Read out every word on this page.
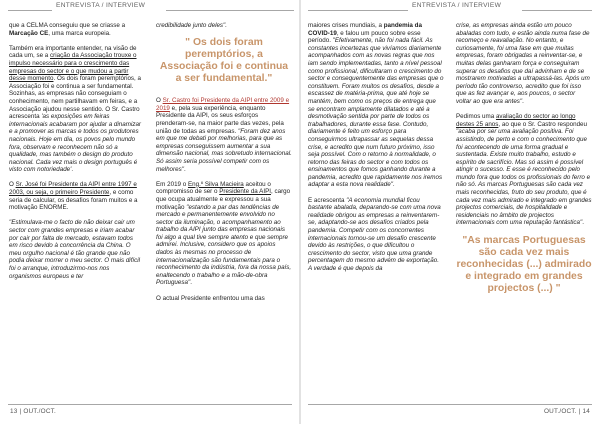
ENTREVISTA / INTERVIEW

que a CELMA conseguiu que se criasse a Marcação CE, uma marca europeia.

Também era importante entender, na visão de cada um, se a criação da Associação trouxe o impulso necessário para o crescimento das empresas do sector e o que mudou a partir desse momento. Os dois foram peremptórios, a Associação foi e continua a ser fundamental. Sozinhas, as empresas não conseguiam o conhecimento, nem partilhavam em feiras, e a Associação ajudou nesse sentido. O Sr. Castro acrescenta 'as exposições em feiras internacionais acabaram por ajudar a dinamizar e a promover as marcas e todos os produtores nacionais. Hoje em dia, os povos pelo mundo fora, observam e reconhecem não só a qualidade, mas também o design do produto nacional. Cada vez mais o design português é visto com notoriedade'.

O Sr. José foi Presidente da AIPI entre 1997 e 2003, ou seja, o primeiro Presidente, e como seria de calcular, os desafios foram muitos e a motivação ENORME.

"Estimulava-me o facto de não deixar cair um sector com grandes empresas e iriam acabar por cair por falta de mercado, estavam todos em risco devido à concorrência da China. O meu orgulho nacional é tão grande que não podia deixar morrer o meu sector. O mais difícil foi o arranque, introduzirmo-nos nos organismos europeus e ter

credibilidade junto deles".

" Os dois foram peremptórios, a Associação foi e continua a ser fundamental."

O Sr. Castro foi Presidente da AIPI entre 2009 e 2019 e, pela sua experiência, enquanto Presidente da AIPI, os seus esforços prenderam-se, na maior parte das vezes, pela união de todas as empresas. "Foram dez anos em que me debati por melhorias, para que as empresas conseguissem aumentar a sua dimensão nacional, mas sobretudo internacional. Só assim seria possível competir com os melhores".

Em 2019 o Eng.º Silva Macieira aceitou o compromisso de ser o Presidente da AIPI, cargo que ocupa atualmente e expressou a sua motivação "estando a par das tendências de mercado e permanentemente envolvido no sector da iluminação, o acompanhamento ao trabalho da AIPI junto das empresas nacionais foi algo a qual tive sempre atento e que sempre admirei. Inclusive, considero que os apoios dados às mesmas no processo de internacionalização são fundamentais para o reconhecimento da indústria, fora da nossa país, enaltecendo o trabalho e a mão-de-obra Portuguesa".

O actual Presidente enfrentou uma das

13 | OUT./OCT.
ENTREVISTA / INTERVIEW

maiores crises mundiais, a pandemia da COVID-19, e falou um pouco sobre esse período. "Efetivamente, não foi nada fácil. As constantes incertezas que vivíamos diariamente acompanhados com as novas regras que nos iam sendo implementadas, tanto a nível pessoal como profissional, dificultaram o crescimento do sector e consequentemente das empresas que o constituem. Foram muitos os desafios, desde a escassez de matéria-prima, que até hoje se mantém, bem como os preços de entrega que se encontram amplamente dilatados e até a desmotivação sentida por parte de todos os trabalhadores, durante essa fase. Contudo, diariamente é feito um esforço para conseguirmos ultrapassar as sequelas dessa crise, e acredito que num futuro próximo, isso seja possível. Com o retorno à normalidade, o retorno das feiras do sector e com todos os ensinamentos que fomos ganhando durante a pandemia, acredito que rapidamente nos iremos adaptar a esta nova realidade".

E acrescenta "A economia mundial ficou bastante abalada, deparando-se com uma nova realidade obrigou as empresas a reinventarem-se, adaptando-se aos desafios criados pela pandemia. Competir com os concorrentes internacionais tornou-se um desafio crescente devido às restrições, o que dificultou o crescimento do sector, visto que uma grande percentagem do mesmo advém de exportação. A verdade é que depois da

crise, as empresas ainda estão um pouco abaladas com tudo, e estão ainda numa fase de recomeço e reavaliação. No entanto, e curiosamente, foi uma fase em que muitas empresas, foram obrigadas a reinventar-se, e muitas delas ganharam força e conseguiram superar os desafios que daí advinham e de se mostrarem motivadas a ultrapassá-las. Após um período tão controverso, acredito que foi isso que as fez avançar e, aos poucos, o sector voltar ao que era antes".

Pedimos uma avaliação do sector ao longo destes 25 anos, ao que o Sr. Castro respondeu "acaba por ser uma avaliação positiva. Foi assistindo, de perto e com o conhecimento que foi acontecendo de uma forma gradual e sustentada. Existe muito trabalho, estudo e espírito de sacrifício. Mas só assim é possível atingir o sucesso. E esse é reconhecido pelo mundo fora que todos os profissionais do ferro e não só. As marcas Portuguesas são cada vez mais reconhecidas, fruto do seu produto, que é cada vez mais admirado e integrado em grandes projectos comerciais, de hospitalidade e residenciais no âmbito de projectos internacionais com uma reputação fantástica".

"As marcas Portuguesas são cada vez mais reconhecidas (...) admirado e integrado em grandes projectos (...) "
OUT./OCT. | 14
